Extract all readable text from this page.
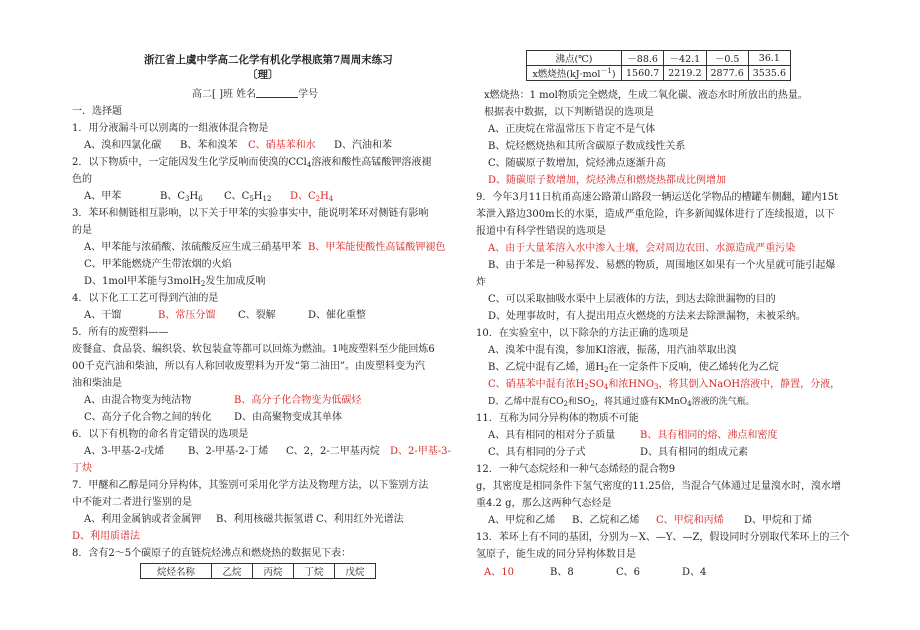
浙江省上虞中学高二化学有机化学根底第7周周末练习
〔理〕
高二[ ]班 姓名	学号
一．选择题
1．用分液漏斗可以别离的一组液体混合物是
A、溴和四氯化碳 B、苯和溴苯 C、硝基苯和水 D、汽油和苯
2．以下物质中，一定能因发生化学反响而使溴的CCl$_4$溶液和酸性高锰酸钾溶液褪
色的
A、甲苯	B、$C_3H_6$ C、$C_5H_{12}$ D、$C_2H_4$
3．苯环和侧链相互影响，以下关于甲苯的实验事实中，能说明苯环对侧链有影响
的是
A、甲苯能与浓硝酸、浓硫酸反应生成三硝基甲苯 B、甲苯能使酸性高锰酸钾褪色
C、甲苯能燃烧产生带浓烟的火焰
D、1mol甲苯能与3molH$_2$发生加成反响
4．以下化工工艺可得到汽油的是
A、干馏	B、常压分馏 C、裂解	D、催化重整
5．所有的废塑料——
废餐盒、食品袋、编织袋、软包装盒等都可以回炼为燃油。1吨废塑料至少能回炼6
00千克汽油和柴油，所以有人称回收废塑料为开发“第二油田”。由废塑料变为汽
油和柴油是
A、由混合物变为纯洁物	B、高分子化合物变为低碳烃
C、高分子化合物之间的转化 D、由高聚物变成其单体
6．以下有机物的命名肯定错误的选项是
A、3-甲基-2-戊烯 B、2-甲基-2-丁烯 C、2，2-二甲基丙烷 D、2-甲基-3-
丁炔
7．甲醚和乙醇是同分异构体，其鉴别可采用化学方法及物理方法，以下鉴别方法
中不能对二者进行鉴别的是
A、利用金属钠或者金属钾 B、利用核磁共振氢谱 C、利用红外光谱法
D、利用质谱法
8．含有2～5个碳原子的直链烷烃沸点和燃烧热的数据见下表：
烷烃名称	乙烷	丙烷	丁烷	戊烷
沸点(℃)	－88.6	－42.1	－0.5	36.1
x燃烧热(kJ·mol$^{-1}$)	1560.7	2219.2	2877.6	3535.6
x燃烧热：1 mol物质完全燃烧，生成二氧化碳、液态水时所放出的热量。
根据表中数据，以下判断错误的选项是
A、正庚烷在常温常压下肯定不是气体
B、烷烃燃烧热和其所含碳原子数成线性关系
C、随碳原子数增加，烷烃沸点逐渐升高
D、随碳原子数增加，烷烃沸点和燃烧热都成比例增加
9．今年3月11日杭甬高速公路萧山路段一辆运送化学物品的槽罐车侧翻，罐内15t
苯泄入路边300m长的水渠，造成严重危险，许多新闻媒体进行了连续报道，以下
报道中有科学性错误的选项是
A、由于大量苯溶入水中渗入土壤，会对周边农田、水源造成严重污染
B、由于苯是一种易挥发、易燃的物质，周围地区如果有一个火星就可能引起爆
炸
C、可以采取抽吸水渠中上层液体的方法，到达去除泄漏物的目的
D、处理事故时，有人提出用点火燃烧的方法来去除泄漏物，未被采纳。
10．在实验室中，以下除杂的方法正确的选项是
A、溴苯中混有溴，参加KI溶液，振荡，用汽油萃取出溴
B、乙烷中混有乙烯，通$H_2$在一定条件下反响，使乙烯转化为乙烷
C、硝基苯中混有浓$H_2SO_4$和浓$HNO_3$，将其倒入NaOH溶液中，静置，分液，
D、乙烯中混有$CO_2$和$SO_2$，将其通过盛有KMnO$_4$溶液的洗气瓶。
11．互称为同分异构体的物质不可能
A、具有相同的相对分子质量 B、具有相同的熔、沸点和密度
C、具有相同的分子式	D、具有相同的组成元素
12．一种气态烷烃和一种气态烯烃的混合物9
g，其密度是相同条件下氢气密度的11.25倍，当混合气体通过足量溴水时，溴水增
重4.2 g，那么这两种气态烃是
A、甲烷和乙烯 B、乙烷和乙烯 C、甲烷和丙烯 D、甲烷和丁烯
13．苯环上有不同的基团，分别为－X、—Y、—Z，假设同时分别取代苯环上的三个
氢原子，能生成的同分异构体数目是
A、10	B、8	C、6	D、4
